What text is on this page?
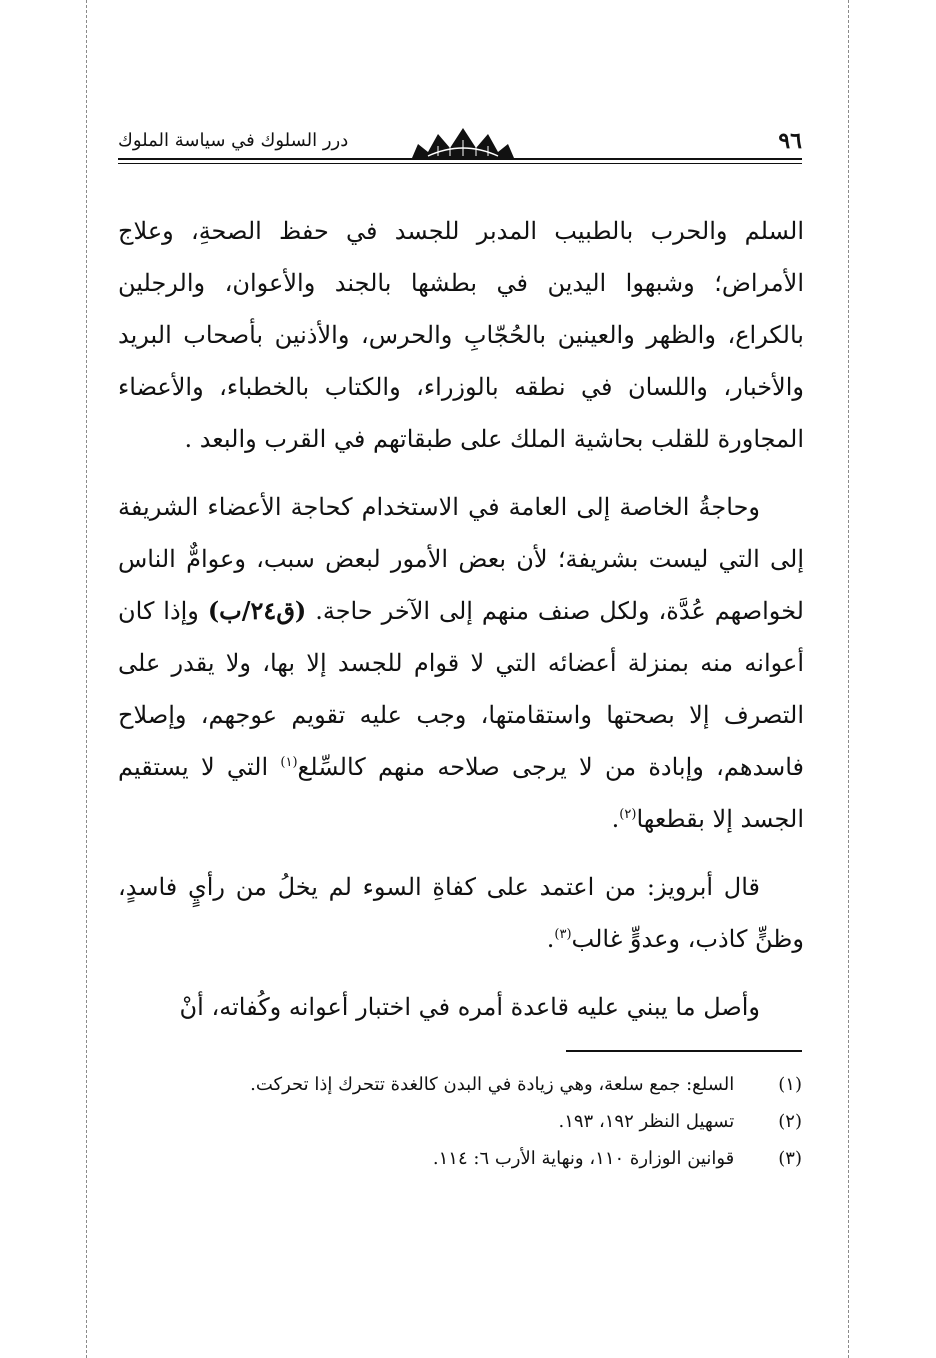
٩٦
درر السلوك في سياسة الملوك

السلم والحرب بالطبيب المدبر للجسد في حفظ الصحةِ، وعلاج الأمراض؛ وشبهوا اليدين في بطشها بالجند والأعوان، والرجلين بالكراع، والظهر والعينين بالحُجّابِ والحرس، والأذنين بأصحاب البريد والأخبار، واللسان في نطقه بالوزراء، والكتاب بالخطباء، والأعضاء المجاورة للقلب بحاشية الملك على طبقاتهم في القرب والبعد .

وحاجةُ الخاصة إلى العامة في الاستخدام كحاجة الأعضاء الشريفة إلى التي ليست بشريفة؛ لأن بعض الأمور لبعض سبب، وعوامٌّ الناس لخواصهم عُدَّة، ولكل صنف منهم إلى الآخر حاجة. (ق٢٤/ب) وإذا كان أعوانه منه بمنزلة أعضائه التي لا قوام للجسد إلا بها، ولا يقدر على التصرف إلا بصحتها واستقامتها، وجب عليه تقويم عوجهم، وإصلاح فاسدهم، وإبادة من لا يرجى صلاحه منهم كالسِّلع$^{(١)}$ التي لا يستقيم الجسد إلا بقطعها$^{(٢)}$.

قال أبرويز: من اعتمد على كفاةِ السوء لم يخلُ من رأيٍ فاسدٍ، وظنٍّ كاذب، وعدوٍّ غالب$^{(٣)}$.

وأصل ما يبني عليه قاعدة أمره في اختبار أعوانه وكُفاته، أنْ

(١) السلع: جمع سلعة، وهي زيادة في البدن كالغدة تتحرك إذا تحركت.
(٢) تسهيل النظر ١٩٢، ١٩٣.
(٣) قوانين الوزارة ١١٠، ونهاية الأرب ٦: ١١٤.
